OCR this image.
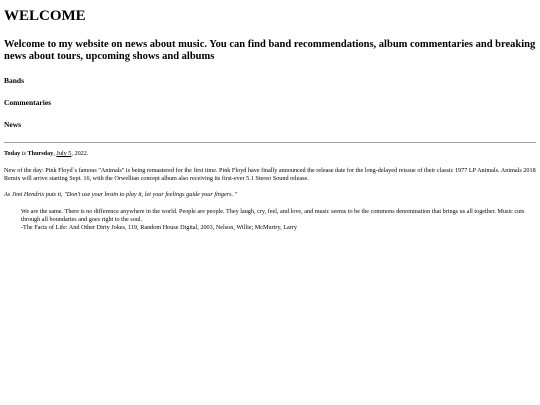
WELCOME
Welcome to my website on news about music. You can find band recommendations, album commentaries and breaking news about tours, upcoming shows and albums
Bands
Commentaries
News

Today is Thursday, July 5, 2022.

New of the day: Pink Floyd`s famous "Animals" is being remastered for the first time. Pink Floyd have finally announced the release date for the long-delayed reissue of their classic 1977 LP Animals. Animals 2018 Remix will arrive starting Sept. 16, with the Orwellian concept album also receiving its first-ever 5.1 Stereo Sound release.

As Jimi Hendrix puts it, "Don't use your brain to play it, let your feelings guide your fingers. "

We are the same. There is no difference anywhere in the world. People are people. They laugh, cry, feel, and love, and music seems to be the commons denomination that brings us all together. Music cuts through all boundaries and goes right to the soul.

-The Facts of Life: And Other Dirty Jokes, 119, Random House Digital, 2003, Nelson, Willie; McMurtry, Larry
